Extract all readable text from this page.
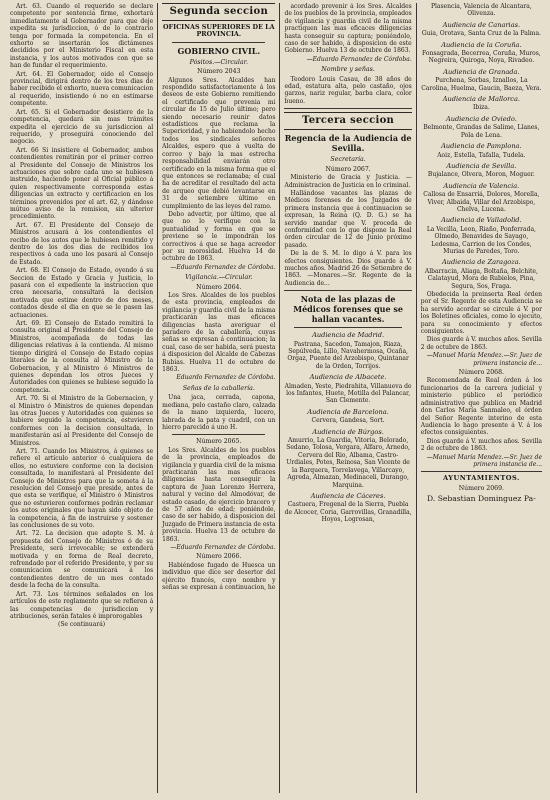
Art. 63. Cuando el requerido se declare competente por sentencia firme, exhortará inmediatamente al Gobernador para que deje expedita su jurisdiccion, ó de lo contrario tenga por formada la competencia. En el exhorto se insertarán los dictámenes decididos por el Ministerio Fiscal en esta instancia, y los autos motivados con que se han de fundar el requerimiento.

Art. 64. El Gobernador, oido el Consejo provincial, dirigirá dentro de los tres dias de haber recibido el exhorto, nueva comunicacion al requerido, insistiendo ó no en estimarse competente.

Art. 65. Si el Gobernador desistiere de la competencia, quedará sin mas trámites expedita el ejercicio de su jurisdiccion al requerido, y proseguirá conociendo del negocio.

Art. 66 Si insistiere el Gobernador, ambos contendientes remitirán por el primer correo al Presidente del Consejo de Ministros los actuaciones que sobre cada uno se hubiesen instruido, haciendo poner al Oficial público á quien respectivamente corresponda estas diligencias un extracto y certificacion en los términos prevenidos por el art. 62, y dándose mútuo aviso de la remision, sin ulterior procedimiento.

Art. 67. El Presidente del Consejo de Ministros acusará á los contendientes el recibo de los autos que le hubiesen remitido y dentro de los dos dias de recibidos los respectivos á cada uno los pasará al Consejo de Estado.

Art. 68. El Consejo de Estado, oyendo á su Seccion de Estado y Gracia y Justicia, lo pasará con el expediente la instruccion que crea necesaria, consultará la decision motivada que estime dentro de dos meses, contados desde el dia en que se le pasen las actuaciones.

Art. 69. El Consejo de Estado remitirá la consulta original al Presidente del Consejo de Ministros, acompañada de todas las diligencias relativas á la contienda. Al mismo tiempo dirigirá el Consejo de Estado copias literales de la consulta al Ministro de la Gobernacion, y al Ministro ó Ministros de quienes dependan los otros Jueces y Autoridades con quienes se hubiese seguido la competencia.

Art. 70. Si el Ministro de la Gobernacion, y el Ministro ó Ministros de quienes dependan las otras Jueces y Autoridades con quienes se hubiere seguido la competencia, estuvieren conformes con la decision consultada, lo manifestarán así al Presidente del Consejo de Ministros.

Art. 71. Cuando los Ministros, á quienes se refiere el artículo anterior ó cualquiera de ellos, no estuviere conforme con la decision consultada, lo manifestará al Presidente del Consejo de Ministros para que la someta á la resolucion del Consejo que preside, antes de que esta se verifique, el Ministro ó Ministros que no estuvieren conformes podrán reclamar los autos originales que hayan sido objeto de la competencia, á fin de instruirse y sostener las conclusiones de su voto.

Art. 72. La decision que adopte S. M. á propuesta del Consejo de Ministros ó de su Presidente, será irrevocable; se extenderá motivada y en forma de Real decreto, refrendado por el referido Presidente, y por su comunicacion se comunicará á los contendientes dentro de un mes contado desde la fecha de la consulta.

Art. 73. Los términos señalados en los artículos de este reglamento que se refieren á las competencias de jurisdiccion y atribuciones, serán fatales é improrogables

(Se continuará)

Segunda seccion
OFICINAS SUPERIORES DE LA PROVINCIA.
GOBIERNO CIVIL.
Pósitos.—Circular.
Número 2043

Algunos Sres. Alcaldes han respondido satisfactoriamente á los deseos de este Gobierno remitiendo el certificado que prevenia mi circular de 15 de Julio último; pero siendo necesario reunir datos estadísticos que reclama la Superioridad, y no habiendolo hecho todos los sindicales señores Alcaldes, espero que á vuelta de correo y bajo la mas estrecha responsabilidad enviarán otro certificado en la misma forma que el que entonces se reclamaba; el cual ha de acreditar el resultado del acta de arqueo que debió levantarse en 31 de setiembre último en cumplimiento de las leyes del ramo.

Debo advertir, por último, que al que no lo verifique con la puntualidad y forma en que se previene se le impondrán los correctivos á que se haga acreedor por su morosidad. Huelva 14 de octubre de 1863.

—Eduardo Fernandez de Córdoba.

Vigilancia.—Circular.
Número 2064.

Los Sres. Alcaldes de los pueblos de esta provincia, empleados de vigilancia y guardia civil de la misma practicarán las mas eficaces diligencias hasta averiguar el paradero de la caballería, cuyas señas se expresan á continuacion; la cual, caso de ser habida, será puesta á disposicion del Alcalde de Cabezas Rubias. Huelva 11 de octubre de 1863.

Eduardo Fernandez de Córdoba.

Señas de la caballería.

Una jaca, cerrada, capona, mediana, pelo castaño claro, calzada de la mano izquierda, lucero, labrada de la pata y cuadril, con un hierro parecido á uno H.

Número 2065.

Los Sres. Alcaldes de los pueblos de la provincia, empleados de vigilancia y guardia civil de la misma practicarán las mas eficaces diligencias hasta conseguir la captura de Juan Lorenzo Herrera, natural y vecino del Almodóvar, de estado casado, de ejercicio bracero y de 57 años de edad; poniéndole, caso de ser habido, á disposicion del Juzgado de Primera instancia de esta provincia. Huelva 13 de octubre de 1863.

—Eduardo Fernandez de Córdoba.

Número 2066.

Habiéndose fugado de Huesca un individuo que dice ser desertor del ejército francés, cuyo nombre y señas se expresan á continuacion, he

acordado prevenir á los Sres. Alcaldes de los pueblos de la provincia, empleados de vigilancia y guardia civil de la misma practiquen las mas eficaces diligencias hasta conseguir su captura; poniéndolo, caso de ser habido, á disposicion de este Gobierno. Huelva 13 de octubre de 1863.

—Eduardo Fernandez de Córdoba.

Nombre y señas.

Teodoro Louis Casau, de 38 años de edad, estatura alta, pelo castaño, ojos garzos, nariz regular, barba clara, color bueno.

Tercera seccion
Regencia de la Audiencia de Sevilla.
Secretaría.
Número 2067.

Ministerio de Gracia y Justicia. —Administracion de Justicia en lo criminal.

Hallándose vacantes las plazas de Médicos forenses de los Juzgados de primera instancia que á continuacion se expresan, la Reina (Q. D. G.) se ha servido mandar que V. proceda de conformidad con lo que dispone la Real órden circular de 12 de Junio próximo pasado.

De la de S. M. lo digo á V. para los efectos consiguientes. Dios guarde á V. muchos años. Madrid 26 de Setiembre de 1863. —Monares.—Sr. Regente de la Audiencia de...

Nota de las plazas de Médicos forenses que se hallan vacantes.
Audiencia de Madrid.

Pastrana, Sacedon, Tamajon, Riaza, Sepúlveda, Lillo, Navahermosa, Ocaña, Orgaz, Puente del Arzobispo, Quintanar de la Orden, Torrijos.

Audiencia de Albacete.

Almaden, Yeste, Piedrahita, Villanueva de los Infantes, Huete, Motilla del Palancar, San Clemente.

Audiencia de Barcelona.

Cervera, Gandesa, Sort.

Audiencia de Búrgos.

Amurrio, La Guardia, Vitoria, Belorado, Sedano, Tolosa, Vergara, Alfaro, Arnedo, Cervera del Rio, Albama, Castro-Urdiales, Potes, Reinosa, San Vicente de la Barquera, Torrelavega, Villarcayo, Agreda, Almazan, Medinaceli, Durango, Marquina.

Audiencia de Cáceres.

Castuera, Fregenal de la Sierra, Puebla de Alcocer, Coria, Garrovillas, Granadilla, Hoyos, Logrosan,

Plasencia, Valencia de Alcantara, Olivenza.

Audiencia de Canarias.

Guia, Orotava, Santa Cruz de la Palma.

Audiencia de la Coruña.

Fonsagrada, Becerrea, Coruña, Muros, Negreira, Quiroga, Noya, Rivadeo.

Audiencia de Granada.

Purchena, Sorbas, Iznallos, La Carolina, Huelma, Gaucin, Baeza, Vera.

Audiencia de Mallorca.

Ibiza.

Audiencia de Oviedo.

Belmonte, Grandas de Salime, Llanes, Pola de Lena.

Audiencia de Pamplona.

Aoiz, Estella, Tafalla, Tudela.

Audiencia de Sevilla.

Bujalance, Olvera, Moron, Moguer.

Audiencia de Valencia.

Callosa de Ensarriá, Dolores, Morella, Viver, Albaida, Villar del Arzobispo, Chelva, Lucena.

Audiencia de Valladolid.

La Vecilla, Leon, Riaño, Ponferrada, Olmedo, Benavides de Sayago, Ledesma, Carrion de los Condes, Murias de Paredes, Toro.

Audiencia de Zaragoza.

Albarracin, Aliaga, Boltaña, Belchite, Calatayud, Mora de Rubielos, Pina, Segura, Sos, Fraga.

Obedecida la preinserta Real órden por el Sr. Regente de esta Audiencia se ha servido acordar se circule á V. por los Boletines oficiales, como lo ejecuto, para su conocimiento y efectos consiguientes.

Dios guarde á V. muchos años. Sevilla 2 de octubre de 1863.

—Manuel María Mendez.—Sr. Juez de primera instancia de...

Número 2068.

Recomendada de Real órden á los funcionarios de la carrera judicial y ministerio público el periódico administrativo que publica en Madrid don Carlos María Sanmaleo, el órden del Señor Regente interino de esta Audiencia lo hago presente á V. á los efectos consiguientes.

Dios guarde á V. muchos años. Sevilla 2 de octubre de 1863.

—Manuel María Mendez.—Sr. Juez de primera instancia de...

AYUNTAMIENTOS.
Número 2069.

D. Sebastian Dominguez Pa-
